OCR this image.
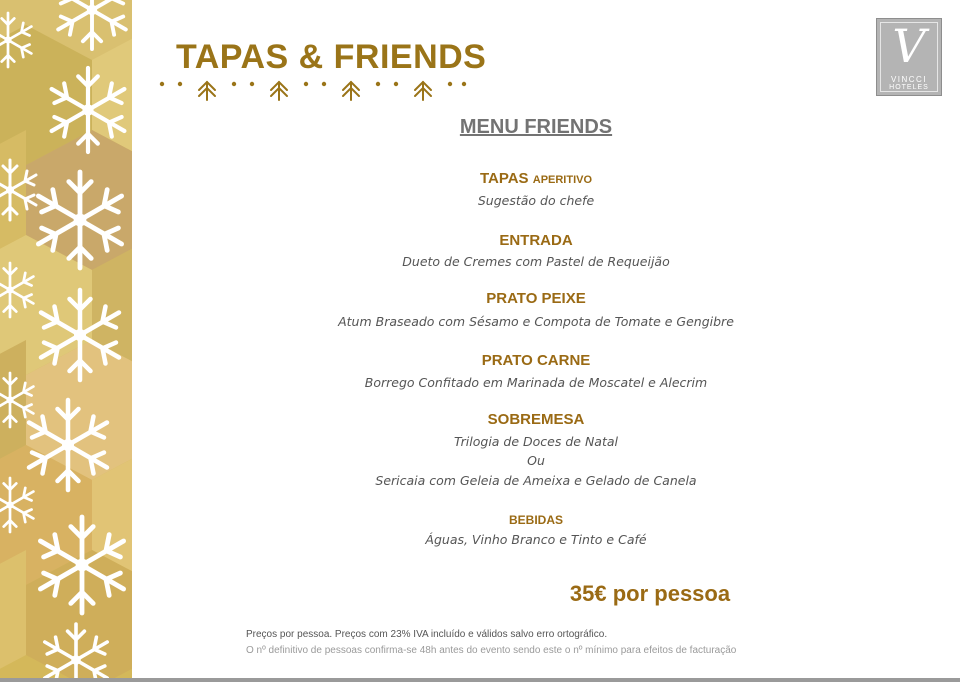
TAPAS & FRIENDS	V
VINCCI
HOTELES
MENU FRIENDS
TAPAS APERITIVO
Sugestão do chefe
ENTRADA
Dueto de Cremes com Pastel de Requeijão
PRATO PEIXE
Atum Braseado com Sésamo e Compota de Tomate e Gengibre
PRATO CARNE
Borrego Confitado em Marinada de Moscatel e Alecrim
SOBREMESA
Trilogia de Doces de Natal
Ou
Sericaia com Geleia de Ameixa e Gelado de Canela
BEBIDAS
Águas, Vinho Branco e Tinto e Café
35€ por pessoa
Preços por pessoa. Preços com 23% IVA incluído e válidos salvo erro ortográfico.
O nº definitivo de pessoas confirma-se 48h antes do evento sendo este o nº mínimo para efeitos de facturação
